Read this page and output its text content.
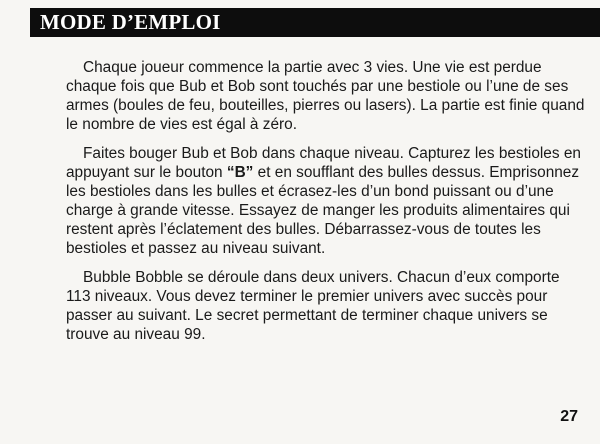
MODE D’EMPLOI

Chaque joueur commence la partie avec 3 vies. Une vie est perdue chaque fois que Bub et Bob sont touchés par une bestiole ou l’une de ses armes (boules de feu, bouteilles, pierres ou lasers). La partie est finie quand le nombre de vies est égal à zéro.

Faites bouger Bub et Bob dans chaque niveau. Capturez les bestioles en appuyant sur le bouton “B” et en soufflant des bulles dessus. Emprisonnez les bestioles dans les bulles et écrasez-les d’un bond puissant ou d’une charge à grande vitesse. Essayez de manger les produits alimentaires qui restent après l’éclatement des bulles. Débarrassez-vous de toutes les bestioles et passez au niveau suivant.

Bubble Bobble se déroule dans deux univers. Chacun d’eux comporte 113 niveaux. Vous devez terminer le premier univers avec succès pour passer au suivant. Le secret permettant de terminer chaque univers se trouve au niveau 99.

27
